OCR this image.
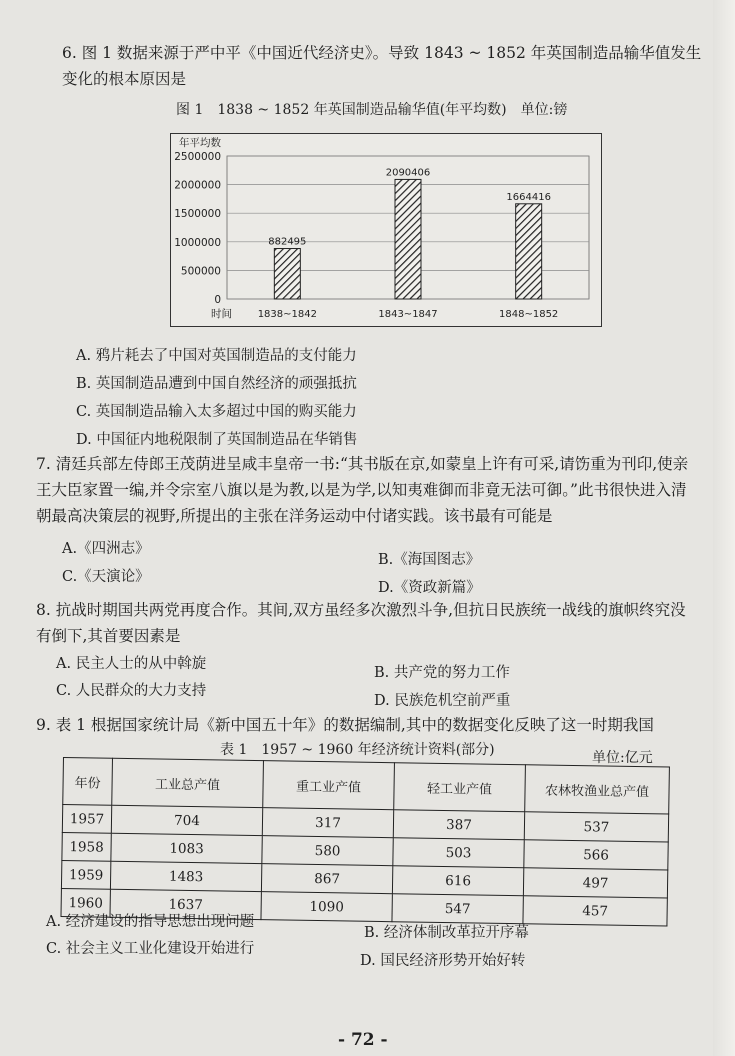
6. 图 1 数据来源于严中平《中国近代经济史》。导致 1843 ~ 1852 年英国制造品输华值发生变化的根本原因是
图 1　1838 ~ 1852 年英国制造品输华值(年平均数)　单位:镑
2500000
2000000
1500000
1000000
500000
0
年平均数
时间
882495
1838~1842
2090406
1843~1847
1664416
1848~1852
A. 鸦片耗去了中国对英国制造品的支付能力
B. 英国制造品遭到中国自然经济的顽强抵抗
C. 英国制造品输入太多超过中国的购买能力
D. 中国征内地税限制了英国制造品在华销售
7. 清廷兵部左侍郎王茂荫进呈咸丰皇帝一书:“其书版在京,如蒙皇上许有可采,请饬重为刊印,使亲王大臣家置一编,并令宗室八旗以是为教,以是为学,以知夷难御而非竟无法可御。”此书很快进入清朝最高决策层的视野,所提出的主张在洋务运动中付诸实践。该书最有可能是
A.《四洲志》
B.《海国图志》
C.《天演论》
D.《资政新篇》
8. 抗战时期国共两党再度合作。其间,双方虽经多次激烈斗争,但抗日民族统一战线的旗帜终究没有倒下,其首要因素是
A. 民主人士的从中斡旋
B. 共产党的努力工作
C. 人民群众的大力支持
D. 民族危机空前严重
9. 表 1 根据国家统计局《新中国五十年》的数据编制,其中的数据变化反映了这一时期我国
表 1　1957 ~ 1960 年经济统计资料(部分)	单位:亿元
年份	工业总产值	重工业产值	轻工业产值	农林牧渔业总产值
1957	704	317	387	537
1958	1083	580	503	566
1959	1483	867	616	497
1960	1637	1090	547	457
A. 经济建设的指导思想出现问题
B. 经济体制改革拉开序幕
C. 社会主义工业化建设开始进行
D. 国民经济形势开始好转
- 72 -
